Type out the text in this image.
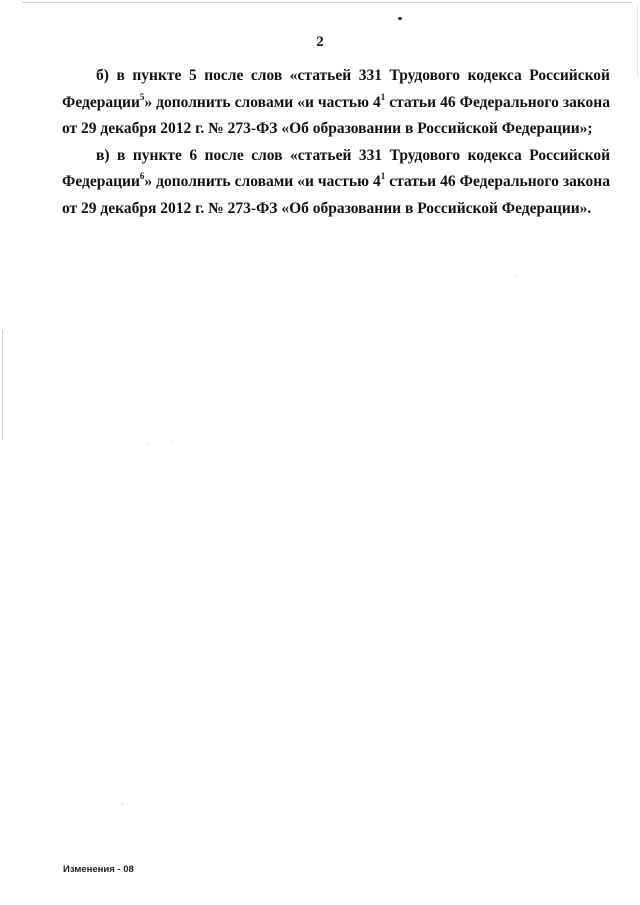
2
б) в пункте 5 после слов «статьей 331 Трудового кодекса Российской
Федерации$^5$» дополнить словами «и частью $4^1$ статьи 46 Федерального закона
от 29 декабря 2012 г. № 273-ФЗ «Об образовании в Российской Федерации»;
в) в пункте 6 после слов «статьей 331 Трудового кодекса Российской
Федерации$^6$» дополнить словами «и частью $4^1$ статьи 46 Федерального закона
от 29 декабря 2012 г. № 273-ФЗ «Об образовании в Российской Федерации».
Изменения - 08
